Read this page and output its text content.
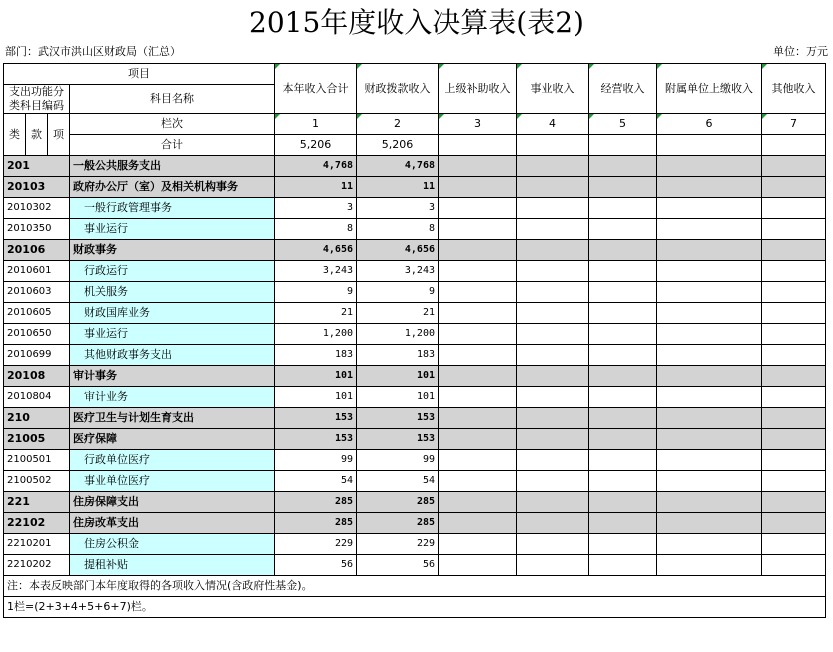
2015年度收入决算表(表2)
部门：武汉市洪山区财政局（汇总）	单位：万元
项目				本年收入合计	财政拨款收入	上级补助收入	事业收入	经营收入	附属单位上缴收入	其他收入
支出功能分类科目编码			科目名称							

类	款	项	栏次	1	2	3	4	5	6	7
			合计	5,206	5,206					
201			一般公共服务支出	4,768	4,768					
20103			政府办公厅（室）及相关机构事务	11	11					
2010302			一般行政管理事务	3	3					
2010350			事业运行	8	8					
20106			财政事务	4,656	4,656					
2010601			行政运行	3,243	3,243					
2010603			机关服务	9	9					
2010605			财政国库业务	21	21					
2010650			事业运行	1,200	1,200					
2010699			其他财政事务支出	183	183					
20108			审计事务	101	101					
2010804			审计业务	101	101					
210			医疗卫生与计划生育支出	153	153					
21005			医疗保障	153	153					
2100501			行政单位医疗	99	99					
2100502			事业单位医疗	54	54					
221			住房保障支出	285	285					
22102			住房改革支出	285	285					
2210201			住房公积金	229	229					
2210202			提租补贴	56	56					
注：本表反映部门本年度取得的各项收入情况(含政府性基金)。										
1栏=(2+3+4+5+6+7)栏。										
